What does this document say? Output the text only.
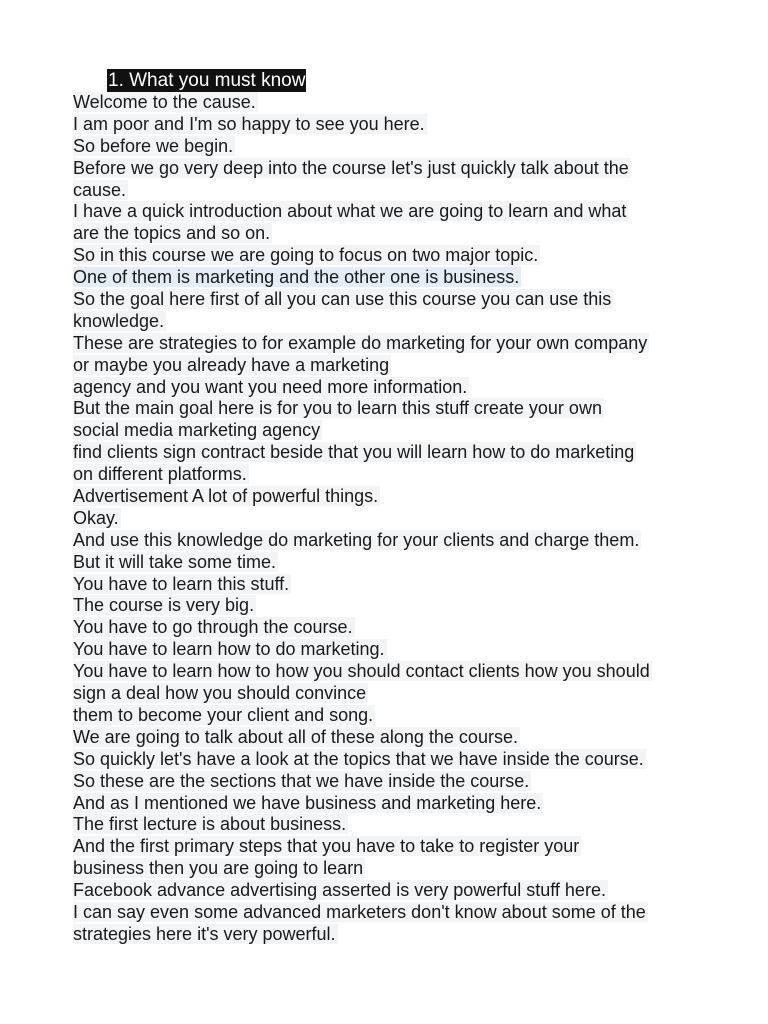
1. What you must know
Welcome to the cause.
I am poor and I'm so happy to see you here.
So before we begin.
Before we go very deep into the course let's just quickly talk about the
cause.
I have a quick introduction about what we are going to learn and what
are the topics and so on.
So in this course we are going to focus on two major topic.
One of them is marketing and the other one is business.
So the goal here first of all you can use this course you can use this
knowledge.
These are strategies to for example do marketing for your own company
or maybe you already have a marketing
agency and you want you need more information.
But the main goal here is for you to learn this stuff create your own
social media marketing agency
find clients sign contract beside that you will learn how to do marketing
on different platforms.
Advertisement A lot of powerful things.
Okay.
And use this knowledge do marketing for your clients and charge them.
But it will take some time.
You have to learn this stuff.
The course is very big.
You have to go through the course.
You have to learn how to do marketing.
You have to learn how to how you should contact clients how you should
sign a deal how you should convince
them to become your client and song.
We are going to talk about all of these along the course.
So quickly let's have a look at the topics that we have inside the course.
So these are the sections that we have inside the course.
And as I mentioned we have business and marketing here.
The first lecture is about business.
And the first primary steps that you have to take to register your
business then you are going to learn
Facebook advance advertising asserted is very powerful stuff here.
I can say even some advanced marketers don't know about some of the
strategies here it's very powerful.
